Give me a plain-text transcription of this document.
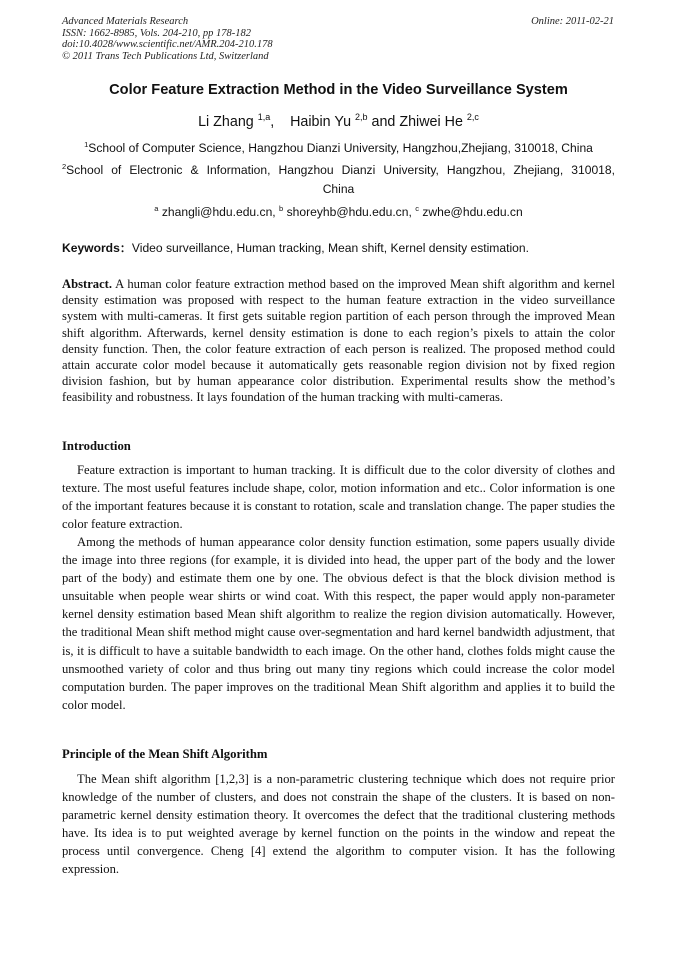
Advanced Materials Research
ISSN: 1662-8985, Vols. 204-210, pp 178-182
doi:10.4028/www.scientific.net/AMR.204-210.178
© 2011 Trans Tech Publications Ltd, Switzerland
Online: 2011-02-21
Color Feature Extraction Method in the Video Surveillance System
Li Zhang $^{1,a}$,    Haibin Yu $^{2,b}$ and Zhiwei He $^{2,c}$
$^1$School of Computer Science, Hangzhou Dianzi University, Hangzhou,Zhejiang, 310018, China
$^2$School of Electronic & Information, Hangzhou Dianzi University, Hangzhou, Zhejiang, 310018,
China
$^a$ zhangli@hdu.edu.cn, $^b$ shoreyhb@hdu.edu.cn, $^c$ zwhe@hdu.edu.cn
Keywords：Video surveillance, Human tracking, Mean shift, Kernel density estimation.
Abstract. A human color feature extraction method based on the improved Mean shift algorithm and kernel density estimation was proposed with respect to the human feature extraction in the video surveillance system with multi-cameras. It first gets suitable region partition of each person through the improved Mean shift algorithm. Afterwards, kernel density estimation is done to each region’s pixels to attain the color density function. Then, the color feature extraction of each person is realized. The proposed method could attain accurate color model because it automatically gets reasonable region division not by fixed region division fashion, but by human appearance color distribution. Experimental results show the method’s feasibility and robustness. It lays foundation of the human tracking with multi-cameras.
Introduction
Feature extraction is important to human tracking. It is difficult due to the color diversity of clothes and texture. The most useful features include shape, color, motion information and etc.. Color information is one of the important features because it is constant to rotation, scale and translation change. The paper studies the color feature extraction.
Among the methods of human appearance color density function estimation, some papers usually divide the image into three regions (for example, it is divided into head, the upper part of the body and the lower part of the body) and estimate them one by one. The obvious defect is that the block division method is unsuitable when people wear shirts or wind coat. With this respect, the paper would apply non-parameter kernel density estimation based Mean shift algorithm to realize the region division automatically. However, the traditional Mean shift method might cause over-segmentation and hard kernel bandwidth adjustment, that is, it is difficult to have a suitable bandwidth to each image. On the other hand, clothes folds might cause the unsmoothed variety of color and thus bring out many tiny regions which could increase the color model computation burden. The paper improves on the traditional Mean Shift algorithm and applies it to build the color model.
Principle of the Mean Shift Algorithm
The Mean shift algorithm [1,2,3] is a non-parametric clustering technique which does not require prior knowledge of the number of clusters, and does not constrain the shape of the clusters. It is based on non-parametric kernel density estimation theory. It overcomes the defect that the traditional clustering methods have. Its idea is to put weighted average by kernel function on the points in the window and repeat the process until convergence. Cheng [4] extend the algorithm to computer vision. It has the following expression.
